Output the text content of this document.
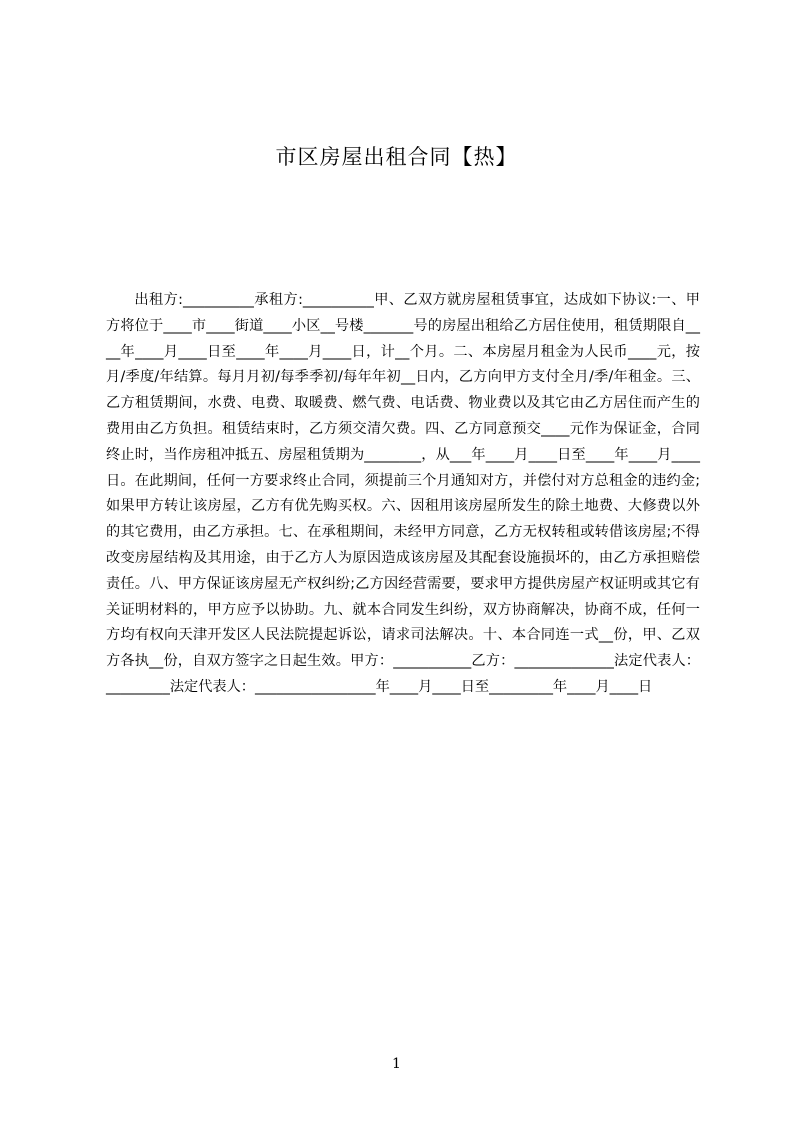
市区房屋出租合同【热】

出租方:__________承租方:__________甲、乙双方就房屋租赁事宜，达成如下协议:一、甲方将位于____市____街道____小区__号楼_______号的房屋出租给乙方居住使用，租赁期限自____年____月____日至____年____月____日，计__个月。二、本房屋月租金为人民币____元，按月/季度/年结算。每月月初/每季季初/每年年初__日内，乙方向甲方支付全月/季/年租金。三、乙方租赁期间，水费、电费、取暖费、燃气费、电话费、物业费以及其它由乙方居住而产生的费用由乙方负担。租赁结束时，乙方须交清欠费。四、乙方同意预交____元作为保证金，合同终止时，当作房租冲抵五、房屋租赁期为________，从___年____月____日至____年____月____日。在此期间，任何一方要求终止合同，须提前三个月通知对方，并偿付对方总租金的违约金;如果甲方转让该房屋，乙方有优先购买权。六、因租用该房屋所发生的除土地费、大修费以外的其它费用，由乙方承担。七、在承租期间，未经甲方同意，乙方无权转租或转借该房屋;不得改变房屋结构及其用途，由于乙方人为原因造成该房屋及其配套设施损坏的，由乙方承担赔偿责任。八、甲方保证该房屋无产权纠纷;乙方因经营需要，要求甲方提供房屋产权证明或其它有关证明材料的，甲方应予以协助。九、就本合同发生纠纷，双方协商解决，协商不成，任何一方均有权向天津开发区人民法院提起诉讼，请求司法解决。十、本合同连一式__份，甲、乙双方各执__份，自双方签字之日起生效。甲方：___________乙方：______________法定代表人：_________法定代表人：_________________年____月____日至_________年____月____日

1
